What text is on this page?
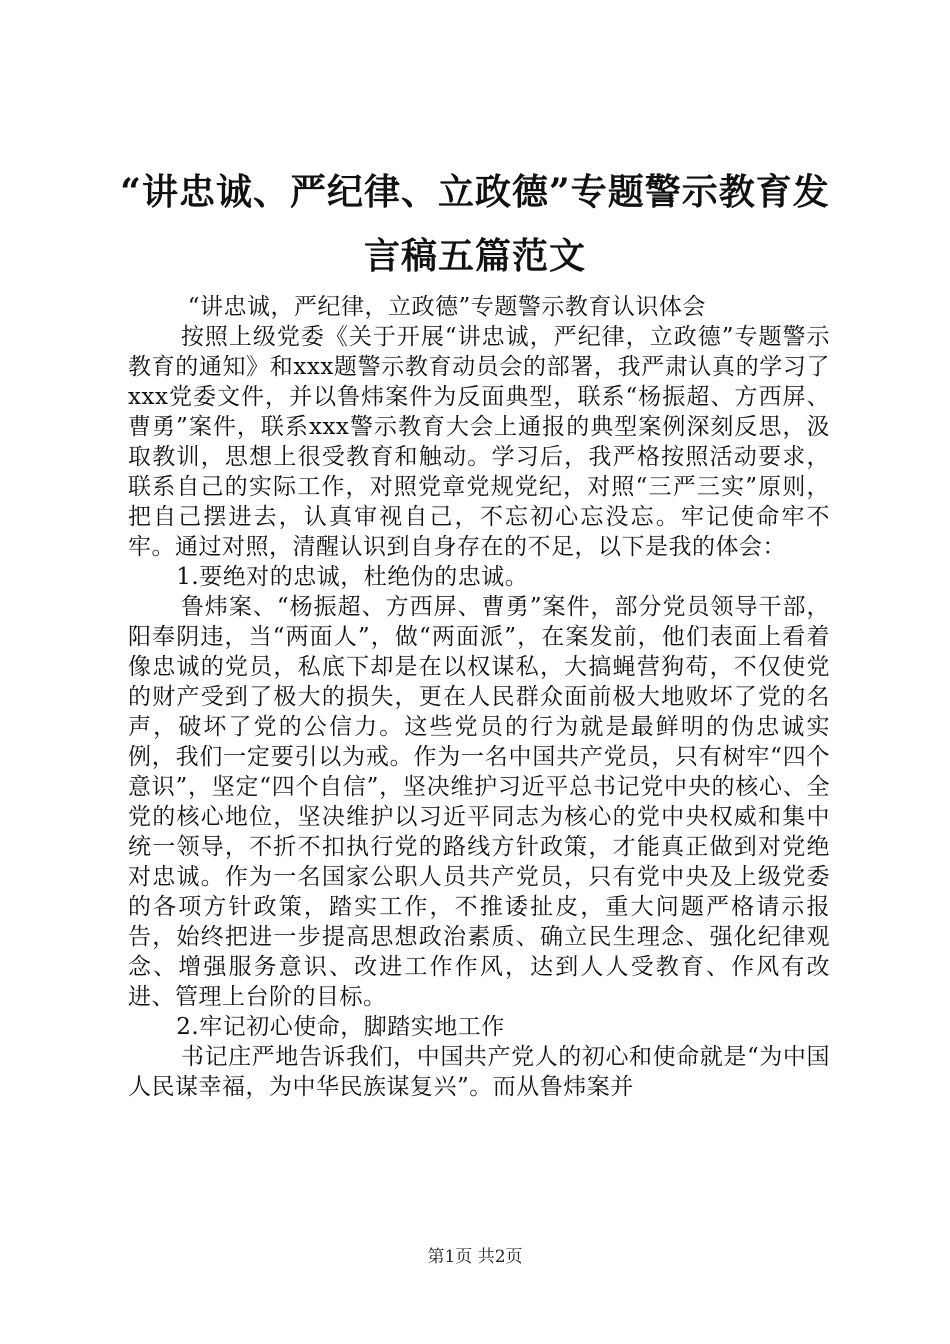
“讲忠诚、严纪律、立政德”专题警示教育发
言稿五篇范文

“讲忠诚，严纪律，立政德”专题警示教育认识体会

按照上级党委《关于开展“讲忠诚，严纪律，立政德”专题警示教育的通知》和xxx题警示教育动员会的部署，我严肃认真的学习了xxx党委文件，并以鲁炜案件为反面典型，联系“杨振超、方西屏、曹勇”案件，联系xxx警示教育大会上通报的典型案例深刻反思，汲取教训，思想上很受教育和触动。学习后，我严格按照活动要求，联系自己的实际工作，对照党章党规党纪，对照“三严三实”原则，把自己摆进去，认真审视自己，不忘初心忘没忘。牢记使命牢不牢。通过对照，清醒认识到自身存在的不足，以下是我的体会：

1.要绝对的忠诚，杜绝伪的忠诚。

鲁炜案、“杨振超、方西屏、曹勇”案件，部分党员领导干部，阳奉阴违，当“两面人”，做“两面派”，在案发前，他们表面上看着像忠诚的党员，私底下却是在以权谋私，大搞蝇营狗苟，不仅使党的财产受到了极大的损失，更在人民群众面前极大地败坏了党的名声，破坏了党的公信力。这些党员的行为就是最鲜明的伪忠诚实例，我们一定要引以为戒。作为一名中国共产党员，只有树牢“四个意识”，坚定“四个自信”，坚决维护习近平总书记党中央的核心、全党的核心地位，坚决维护以习近平同志为核心的党中央权威和集中统一领导，不折不扣执行党的路线方针政策，才能真正做到对党绝对忠诚。作为一名国家公职人员共产党员，只有党中央及上级党委的各项方针政策，踏实工作，不推诿扯皮，重大问题严格请示报告，始终把进一步提高思想政治素质、确立民生理念、强化纪律观念、增强服务意识、改进工作作风，达到人人受教育、作风有改进、管理上台阶的目标。

2.牢记初心使命，脚踏实地工作

书记庄严地告诉我们，中国共产党人的初心和使命就是“为中国人民谋幸福，为中华民族谋复兴”。而从鲁炜案并

第1页 共2页
